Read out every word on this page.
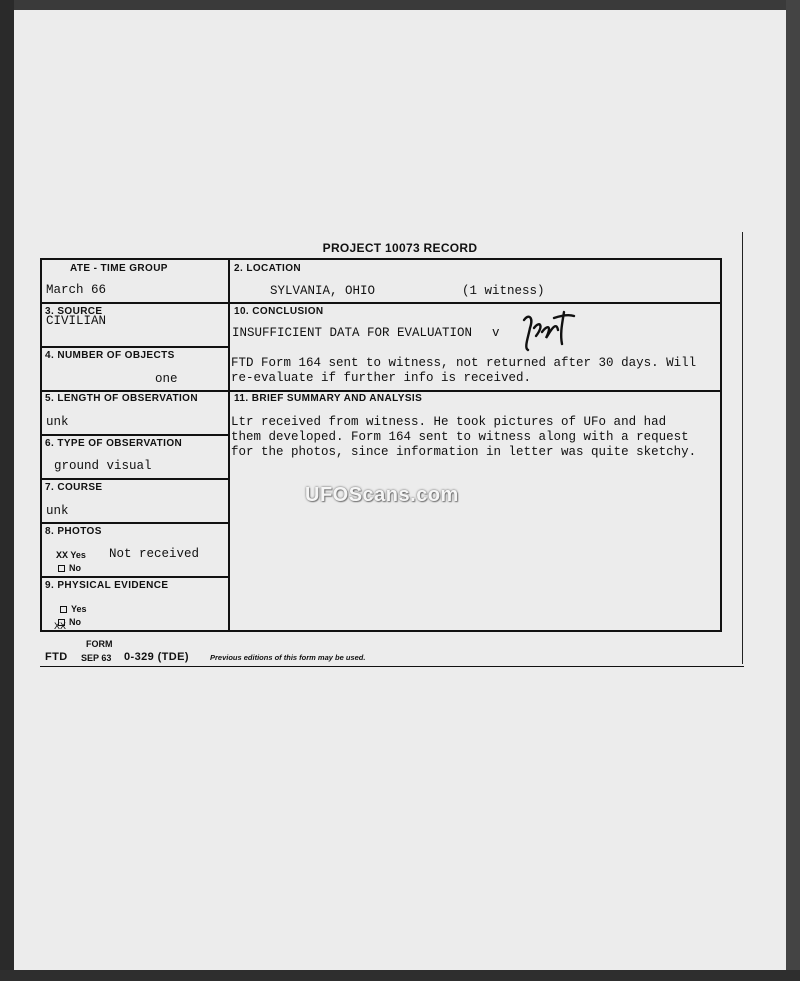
PROJECT 10073 RECORD
ATE - TIME GROUP
March 66
2. LOCATION
SYLVANIA, OHIO	(1 witness)
3. SOURCE
CIVILIAN
10. CONCLUSION
INSUFFICIENT DATA FOR EVALUATION v
FTD Form 164 sent to witness, not returned after 30 days. Will
re-evaluate if further info is received.
4. NUMBER OF OBJECTS
one
5. LENGTH OF OBSERVATION
unk
11. BRIEF SUMMARY AND ANALYSIS
Ltr received from witness. He took pictures of UFo and had
them developed. Form 164 sent to witness along with a request
for the photos, since information in letter was quite sketchy.
6. TYPE OF OBSERVATION
ground visual
7. COURSE
unk
8. PHOTOS
XX Yes Not received
No
9. PHYSICAL EVIDENCE
Yes
No
XX
FORM
FTD SEP 63 0-329 (TDE)	Previous editions of this form may be used.
UFOScans.com
